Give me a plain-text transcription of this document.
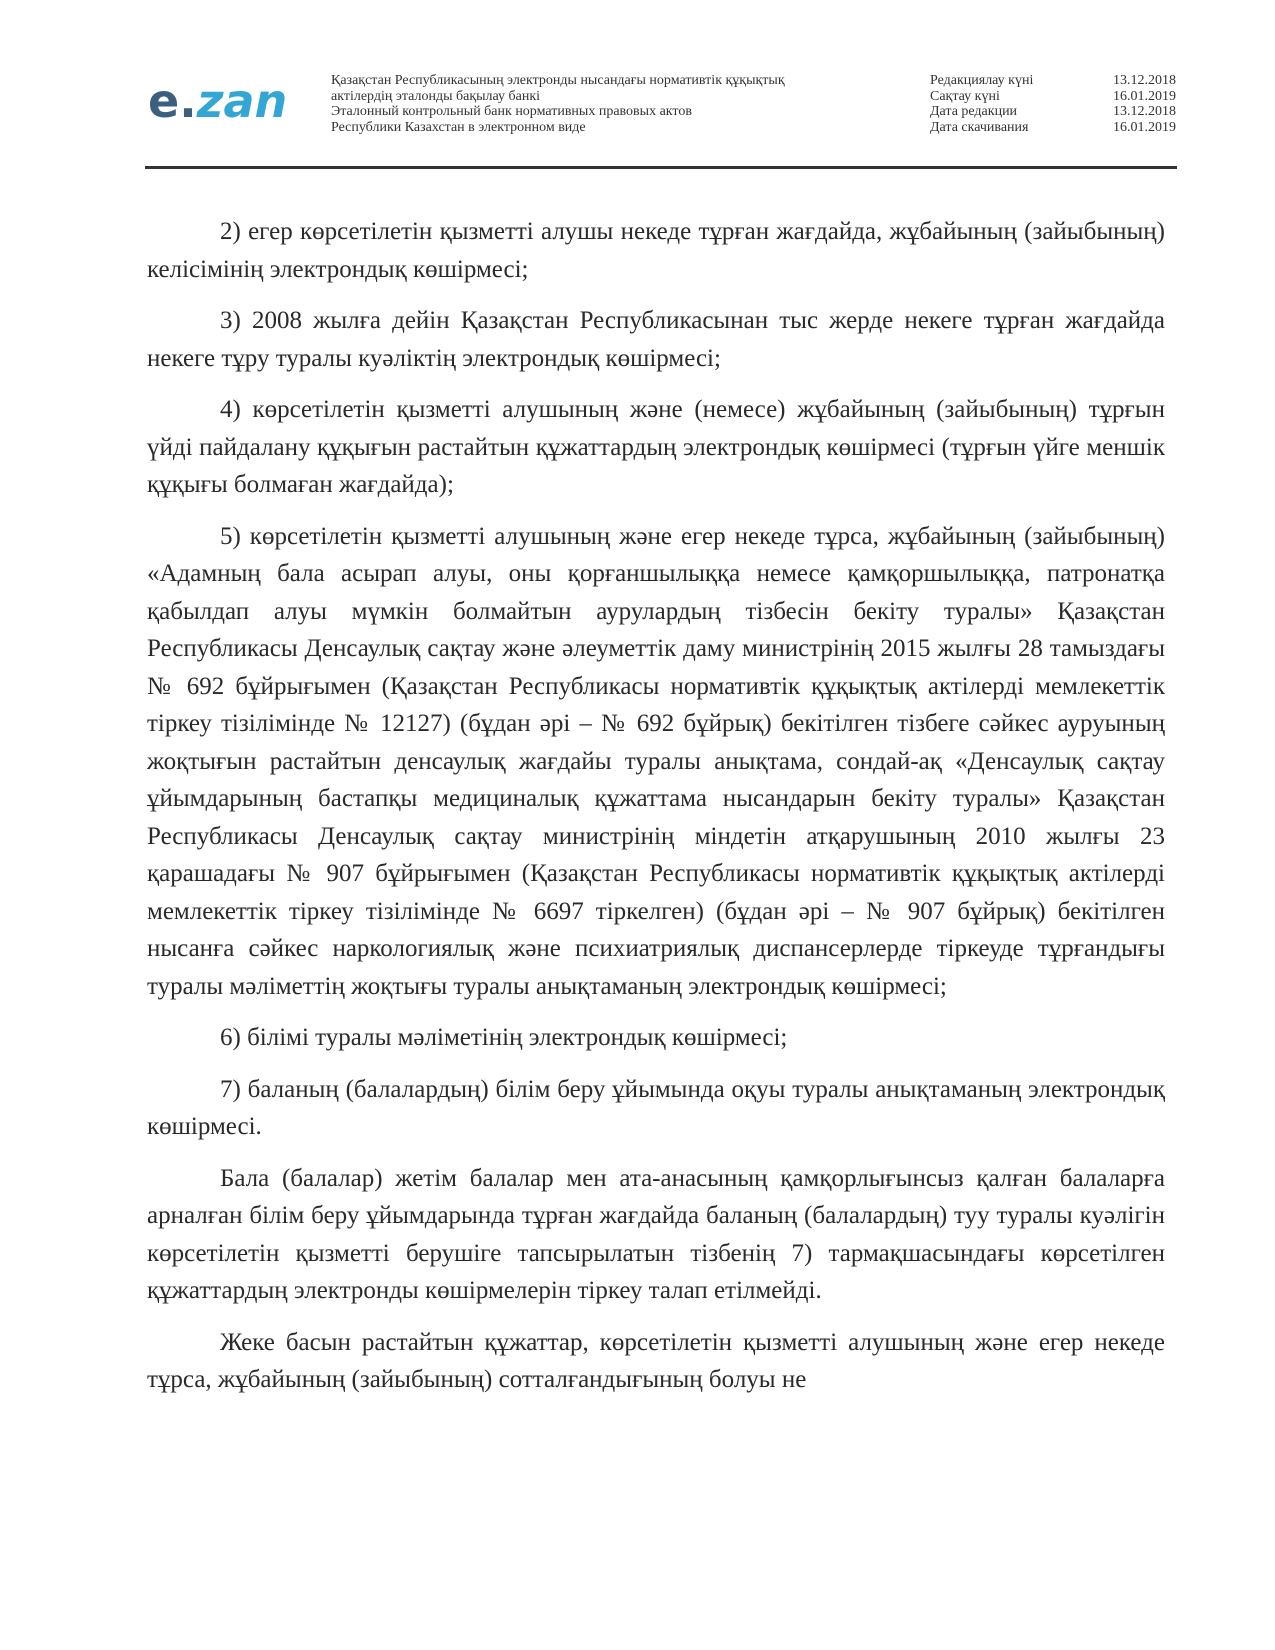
e.zan	Қазақстан Республикасының электронды нысандағы нормативтік құқықтық
актілердің эталонды бақылау банкі
Эталонный контрольный банк нормативных правовых актов
Республики Казахстан в электронном виде
Редакциялау күні	13.12.2018
Сақтау күні	16.01.2019
Дата редакции	13.12.2018
Дата скачивания	16.01.2019

2) егер көрсетілетін қызметті алушы некеде тұрған жағдайда, жұбайының (зайыбының) келісімінің электрондық көшірмесі;

3) 2008 жылға дейін Қазақстан Республикасынан тыс жерде некеге тұрған жағдайда некеге тұру туралы куәліктің электрондық көшірмесі;

4) көрсетілетін қызметті алушының және (немесе) жұбайының (зайыбының) тұрғын үйді пайдалану құқығын растайтын құжаттардың электрондық көшірмесі (тұрғын үйге меншік құқығы болмаған жағдайда);

5) көрсетілетін қызметті алушының және егер некеде тұрса, жұбайының (зайыбының) «Адамның бала асырап алуы, оны қорғаншылыққа немесе қамқоршылыққа, патронатқа қабылдап алуы мүмкін болмайтын аурулардың тізбесін бекіту туралы» Қазақстан Республикасы Денсаулық сақтау және әлеуметтік даму министрінің 2015 жылғы 28 тамыздағы № 692 бұйрығымен (Қазақстан Республикасы нормативтік құқықтық актілерді мемлекеттік тіркеу тізілімінде № 12127) (бұдан әрі – № 692 бұйрық) бекітілген тізбеге сәйкес ауруының жоқтығын растайтын денсаулық жағдайы туралы анықтама, сондай-ақ «Денсаулық сақтау ұйымдарының бастапқы медициналық құжаттама нысандарын бекіту туралы» Қазақстан Республикасы Денсаулық сақтау министрінің міндетін атқарушының 2010 жылғы 23 қарашадағы № 907 бұйрығымен (Қазақстан Республикасы нормативтік құқықтық актілерді мемлекеттік тіркеу тізілімінде № 6697 тіркелген) (бұдан әрі – № 907 бұйрық) бекітілген нысанға сәйкес наркологиялық және психиатриялық диспансерлерде тіркеуде тұрғандығы туралы мәліметтің жоқтығы туралы анықтаманың электрондық көшірмесі;

6) білімі туралы мәліметінің электрондық көшірмесі;

7) баланың (балалардың) білім беру ұйымында оқуы туралы анықтаманың электрондық көшірмесі.

Бала (балалар) жетім балалар мен ата-анасының қамқорлығынсыз қалған балаларға арналған білім беру ұйымдарында тұрған жағдайда баланың (балалардың) туу туралы куәлігін көрсетілетін қызметті берушіге тапсырылатын тізбенің 7) тармақшасындағы көрсетілген құжаттардың электронды көшірмелерін тіркеу талап етілмейді.

Жеке басын растайтын құжаттар, көрсетілетін қызметті алушының және егер некеде тұрса, жұбайының (зайыбының) сотталғандығының болуы не
